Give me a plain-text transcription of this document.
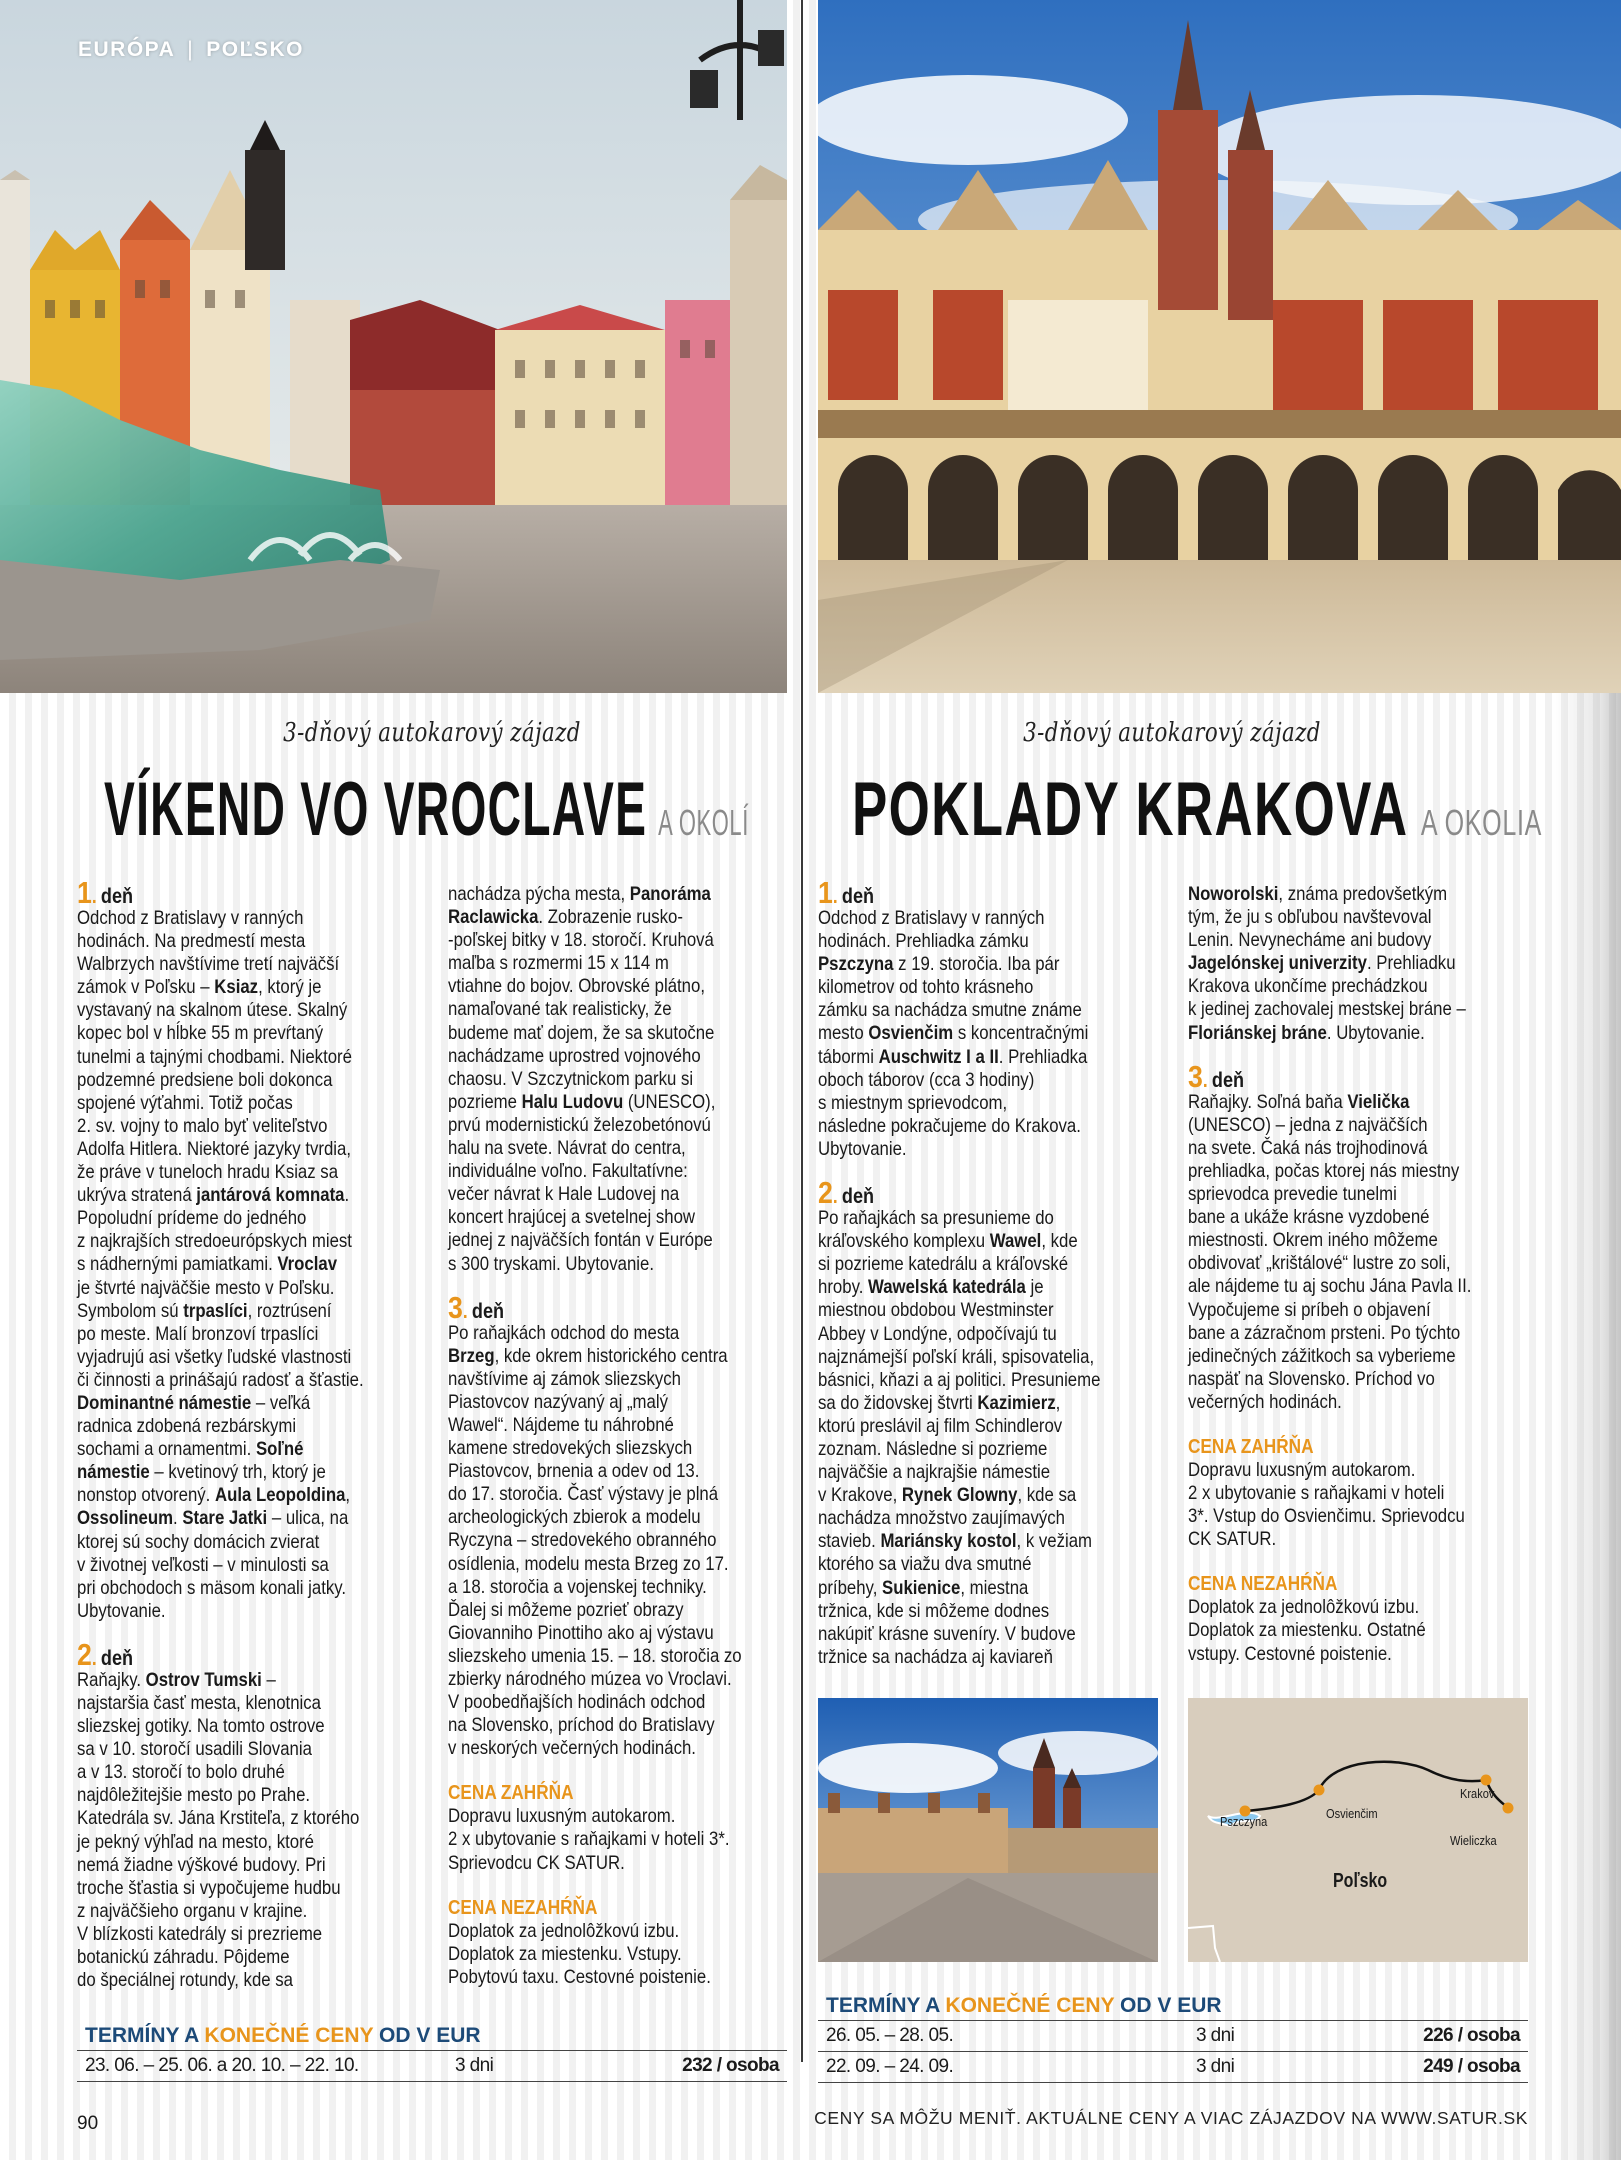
EURÓPA | POĽSKO
3-dňový autokarový zájazd
VÍKEND VO VROCLAVE A OKOLÍ
3-dňový autokarový zájazd
POKLADY KRAKOVA A OKOLIA
1. deň
Odchod z Bratislavy v ranných
hodinách. Na predmestí mesta
Walbrzych navštívime tretí najväčší
zámok v Poľsku – Ksiaz, ktorý je
vystavaný na skalnom útese. Skalný
kopec bol v hĺbke 55 m prevŕtaný
tunelmi a tajnými chodbami. Niektoré
podzemné predsiene boli dokonca
spojené výťahmi. Totiž počas
2. sv. vojny to malo byť veliteľstvo
Adolfa Hitlera. Niektoré jazyky tvrdia,
že práve v tuneloch hradu Ksiaz sa
ukrýva stratená jantárová komnata.
Popoludní prídeme do jedného
z najkrajších stredoeurópskych miest
s nádhernými pamiatkami. Vroclav
je štvrté najväčšie mesto v Poľsku.
Symbolom sú trpaslíci, roztrúsení
po meste. Malí bronzoví trpaslíci
vyjadrujú asi všetky ľudské vlastnosti
či činnosti a prinášajú radosť a šťastie.
Dominantné námestie – veľká
radnica zdobená rezbárskymi
sochami a ornamentmi. Soľné
námestie – kvetinový trh, ktorý je
nonstop otvorený. Aula Leopoldina,
Ossolineum. Stare Jatki – ulica, na
ktorej sú sochy domácich zvierat
v životnej veľkosti – v minulosti sa
pri obchodoch s mäsom konali jatky.
Ubytovanie.
2. deň
Raňajky. Ostrov Tumski –
najstaršia časť mesta, klenotnica
sliezskej gotiky. Na tomto ostrove
sa v 10. storočí usadili Slovania
a v 13. storočí to bolo druhé
najdôležitejšie mesto po Prahe.
Katedrála sv. Jána Krstiteľa, z ktorého
je pekný výhľad na mesto, ktoré
nemá žiadne výškové budovy. Pri
troche šťastia si vypočujeme hudbu
z najväčšieho organu v krajine.
V blízkosti katedrály si prezrieme
botanickú záhradu. Pôjdeme
do špeciálnej rotundy, kde sa
nachádza pýcha mesta, Panoráma
Raclawicka. Zobrazenie rusko-
-poľskej bitky v 18. storočí. Kruhová
maľba s rozmermi 15 x 114 m
vtiahne do bojov. Obrovské plátno,
namaľované tak realisticky, že
budeme mať dojem, že sa skutočne
nachádzame uprostred vojnového
chaosu. V Szczytnickom parku si
pozrieme Halu Ludovu (UNESCO),
prvú modernistickú železobetónovú
halu na svete. Návrat do centra,
individuálne voľno. Fakultatívne:
večer návrat k Hale Ludovej na
koncert hrajúcej a svetelnej show
jednej z najväčších fontán v Európe
s 300 tryskami. Ubytovanie.
3. deň
Po raňajkách odchod do mesta
Brzeg, kde okrem historického centra
navštívime aj zámok sliezskych
Piastovcov nazývaný aj „malý
Wawel“. Nájdeme tu náhrobné
kamene stredovekých sliezskych
Piastovcov, brnenia a odev od 13.
do 17. storočia. Časť výstavy je plná
archeologických zbierok a modelu
Ryczyna – stredovekého obranného
osídlenia, modelu mesta Brzeg zo 17.
a 18. storočia a vojenskej techniky.
Ďalej si môžeme pozrieť obrazy
Giovanniho Pinottiho ako aj výstavu
sliezskeho umenia 15. – 18. storočia zo
zbierky národného múzea vo Vroclavi.
V poobedňajších hodinách odchod
na Slovensko, príchod do Bratislavy
v neskorých večerných hodinách.
CENA ZAHŔŇA
Dopravu luxusným autokarom.
2 x ubytovanie s raňajkami v hoteli 3*.
Sprievodcu CK SATUR.
CENA NEZAHŔŇA
Doplatok za jednolôžkovú izbu.
Doplatok za miestenku. Vstupy.
Pobytovú taxu. Cestovné poistenie.
1. deň
Odchod z Bratislavy v ranných
hodinách. Prehliadka zámku
Pszczyna z 19. storočia. Iba pár
kilometrov od tohto krásneho
zámku sa nachádza smutne známe
mesto Osvienčim s koncentračnými
tábormi Auschwitz I a II. Prehliadka
oboch táborov (cca 3 hodiny)
s miestnym sprievodcom,
následne pokračujeme do Krakova.
Ubytovanie.
2. deň
Po raňajkách sa presunieme do
kráľovského komplexu Wawel, kde
si pozrieme katedrálu a kráľovské
hroby. Wawelská katedrála je
miestnou obdobou Westminster
Abbey v Londýne, odpočívajú tu
najznámejší poľskí králi, spisovatelia,
básnici, kňazi a aj politici. Presunieme
sa do židovskej štvrti Kazimierz,
ktorú preslávil aj film Schindlerov
zoznam. Následne si pozrieme
najväčšie a najkrajšie námestie
v Krakove, Rynek Glowny, kde sa
nachádza množstvo zaujímavých
stavieb. Mariánsky kostol, k vežiam
ktorého sa viažu dva smutné
príbehy, Sukienice, miestna
tržnica, kde si môžeme dodnes
nakúpiť krásne suveníry. V budove
tržnice sa nachádza aj kaviareň
Noworolski, známa predovšetkým
tým, že ju s obľubou navštevoval
Lenin. Nevynecháme ani budovy
Jagelónskej univerzity. Prehliadku
Krakova ukončíme prechádzkou
k jedinej zachovalej mestskej bráne –
Floriánskej bráne. Ubytovanie.
3. deň
Raňajky. Soľná baňa Vielička
(UNESCO) – jedna z najväčších
na svete. Čaká nás trojhodinová
prehliadka, počas ktorej nás miestny
sprievodca prevedie tunelmi
bane a ukáže krásne vyzdobené
miestnosti. Okrem iného môžeme
obdivovať „krištálové“ lustre zo soli,
ale nájdeme tu aj sochu Jána Pavla II.
Vypočujeme si príbeh o objavení
bane a zázračnom prsteni. Po týchto
jedinečných zážitkoch sa vyberieme
naspäť na Slovensko. Príchod vo
večerných hodinách.
CENA ZAHŔŇA
Dopravu luxusným autokarom.
2 x ubytovanie s raňajkami v hoteli
3*. Vstup do Osvienčimu. Sprievodcu
CK SATUR.
CENA NEZAHŔŇA
Doplatok za jednolôžkovú izbu.
Doplatok za miestenku. Ostatné
vstupy. Cestovné poistenie.
Pszczyna
Osvienčim
Krakov
Wieliczka
Poľsko
TERMÍNY A KONEČNÉ CENY OD V EUR
23. 06. – 25. 06. a 20. 10. – 22. 10.	3 dni	232 / osoba
TERMÍNY A KONEČNÉ CENY OD V EUR
26. 05. – 28. 05.	3 dni	226 / osoba
22. 09. – 24. 09.	3 dni	249 / osoba
90	CENY SA MÔŽU MENIŤ. AKTUÁLNE CENY A VIAC ZÁJAZDOV NA WWW.SATUR.SK
